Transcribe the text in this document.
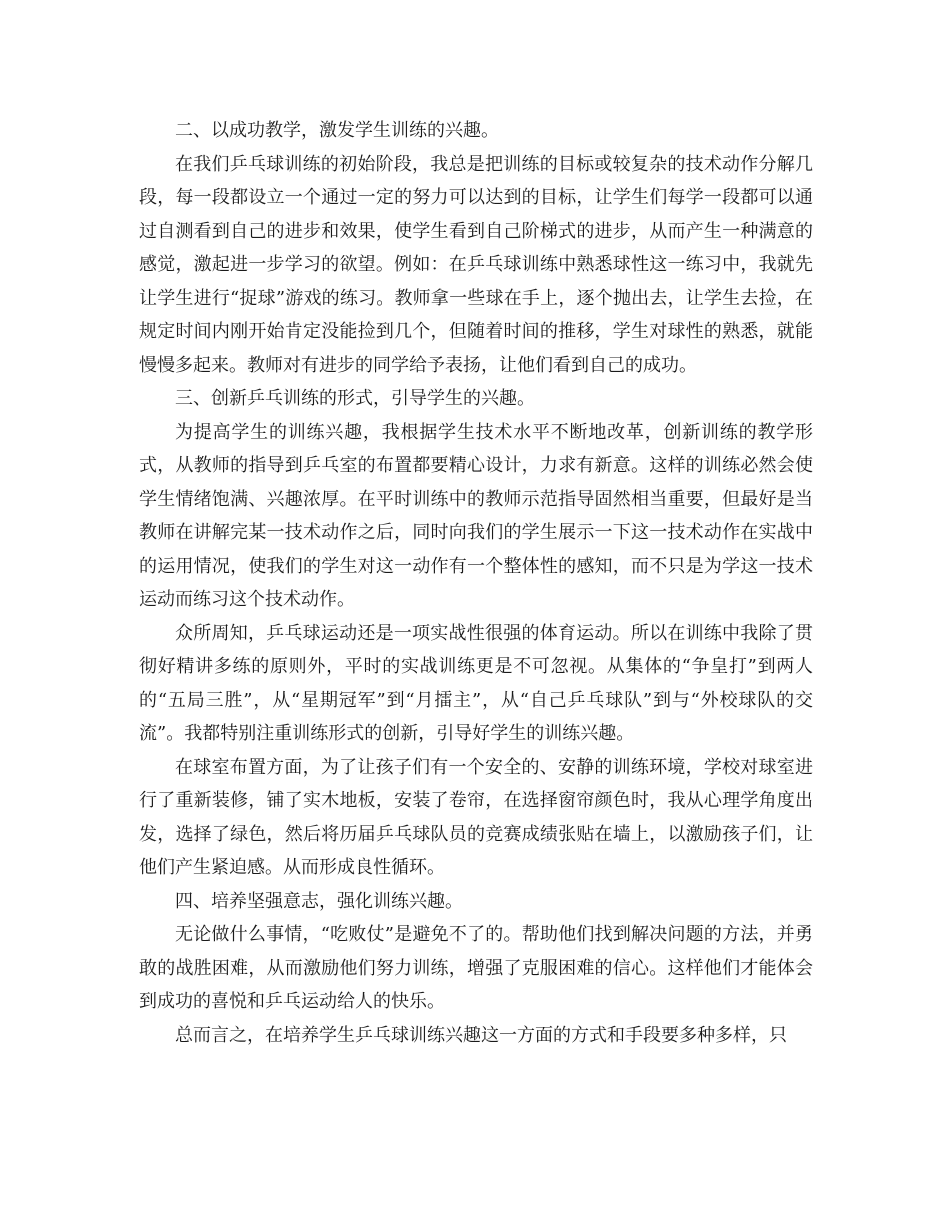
二、以成功教学，激发学生训练的兴趣。

在我们乒乓球训练的初始阶段，我总是把训练的目标或较复杂的技术动作分解几段，每一段都设立一个通过一定的努力可以达到的目标，让学生们每学一段都可以通过自测看到自己的进步和效果，使学生看到自己阶梯式的进步，从而产生一种满意的感觉，激起进一步学习的欲望。例如：在乒乓球训练中熟悉球性这一练习中，我就先让学生进行“捉球”游戏的练习。教师拿一些球在手上，逐个抛出去，让学生去捡，在规定时间内刚开始肯定没能捡到几个，但随着时间的推移，学生对球性的熟悉，就能慢慢多起来。教师对有进步的同学给予表扬，让他们看到自己的成功。

三、创新乒乓训练的形式，引导学生的兴趣。

为提高学生的训练兴趣，我根据学生技术水平不断地改革，创新训练的教学形式，从教师的指导到乒乓室的布置都要精心设计，力求有新意。这样的训练必然会使学生情绪饱满、兴趣浓厚。在平时训练中的教师示范指导固然相当重要，但最好是当教师在讲解完某一技术动作之后，同时向我们的学生展示一下这一技术动作在实战中的运用情况，使我们的学生对这一动作有一个整体性的感知，而不只是为学这一技术运动而练习这个技术动作。

众所周知，乒乓球运动还是一项实战性很强的体育运动。所以在训练中我除了贯彻好精讲多练的原则外，平时的实战训练更是不可忽视。从集体的“争皇打”到两人的“五局三胜”，从“星期冠军”到“月擂主”，从“自己乒乓球队”到与“外校球队的交流”。我都特别注重训练形式的创新，引导好学生的训练兴趣。

在球室布置方面，为了让孩子们有一个安全的、安静的训练环境，学校对球室进行了重新装修，铺了实木地板，安装了卷帘，在选择窗帘颜色时，我从心理学角度出发，选择了绿色，然后将历届乒乓球队员的竞赛成绩张贴在墙上，以激励孩子们，让他们产生紧迫感。从而形成良性循环。

四、培养坚强意志，强化训练兴趣。

无论做什么事情，“吃败仗”是避免不了的。帮助他们找到解决问题的方法，并勇敢的战胜困难，从而激励他们努力训练，增强了克服困难的信心。这样他们才能体会到成功的喜悦和乒乓运动给人的快乐。

总而言之，在培养学生乒乓球训练兴趣这一方面的方式和手段要多种多样，只
